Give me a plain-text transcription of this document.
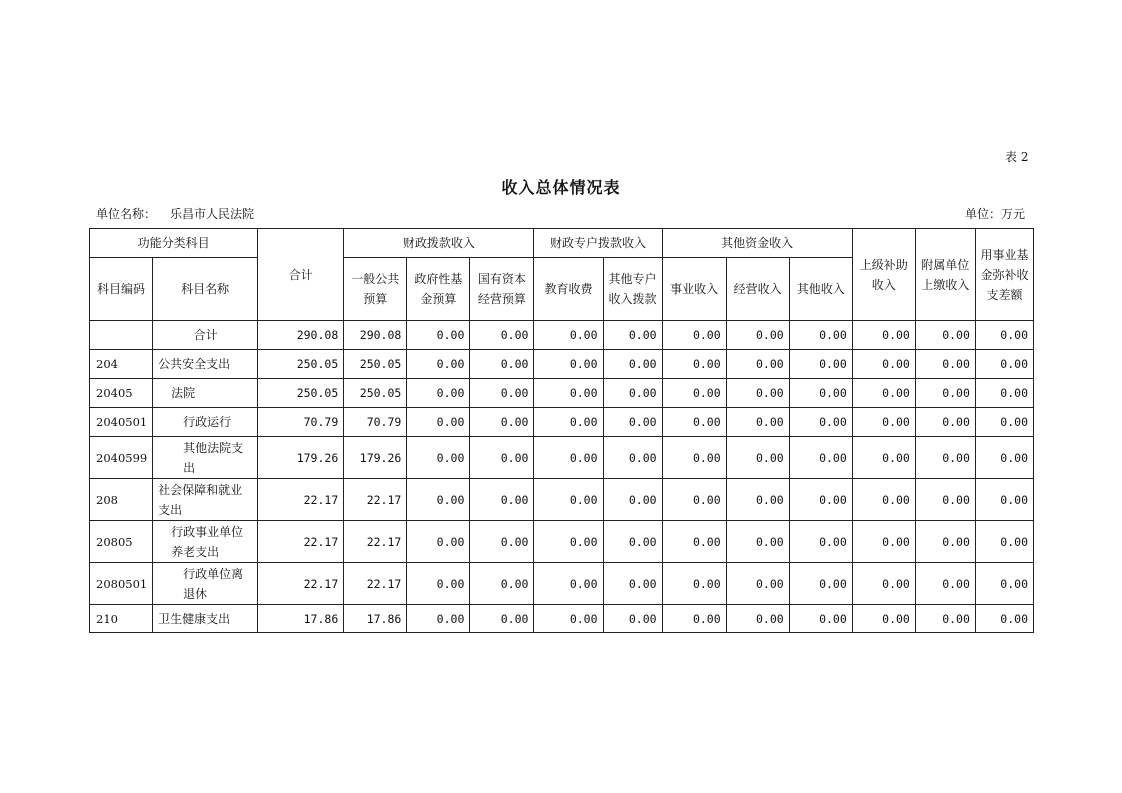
表 2
收入总体情况表
单位名称： 乐昌市人民法院	单位：万元
功能分类科目		合计	财政拨款收入			财政专户拨款收入		其他资金收入			上级补助收入	附属单位上缴收入	用事业基金弥补收支差额
科目编码	科目名称		一般公共预算	政府性基金预算	国有资本经营预算	教育收费	其他专户收入拨款	事业收入	经营收入	其他收入			
	合计	290.08	290.08	0.00	0.00	0.00	0.00	0.00	0.00	0.00	0.00	0.00	0.00
204	公共安全支出	250.05	250.05	0.00	0.00	0.00	0.00	0.00	0.00	0.00	0.00	0.00	0.00
20405	法院	250.05	250.05	0.00	0.00	0.00	0.00	0.00	0.00	0.00	0.00	0.00	0.00
2040501	行政运行	70.79	70.79	0.00	0.00	0.00	0.00	0.00	0.00	0.00	0.00	0.00	0.00
2040599	其他法院支出	179.26	179.26	0.00	0.00	0.00	0.00	0.00	0.00	0.00	0.00	0.00	0.00
208	社会保障和就业支出	22.17	22.17	0.00	0.00	0.00	0.00	0.00	0.00	0.00	0.00	0.00	0.00
20805	行政事业单位养老支出	22.17	22.17	0.00	0.00	0.00	0.00	0.00	0.00	0.00	0.00	0.00	0.00
2080501	行政单位离退休	22.17	22.17	0.00	0.00	0.00	0.00	0.00	0.00	0.00	0.00	0.00	0.00
210	卫生健康支出	17.86	17.86	0.00	0.00	0.00	0.00	0.00	0.00	0.00	0.00	0.00	0.00
